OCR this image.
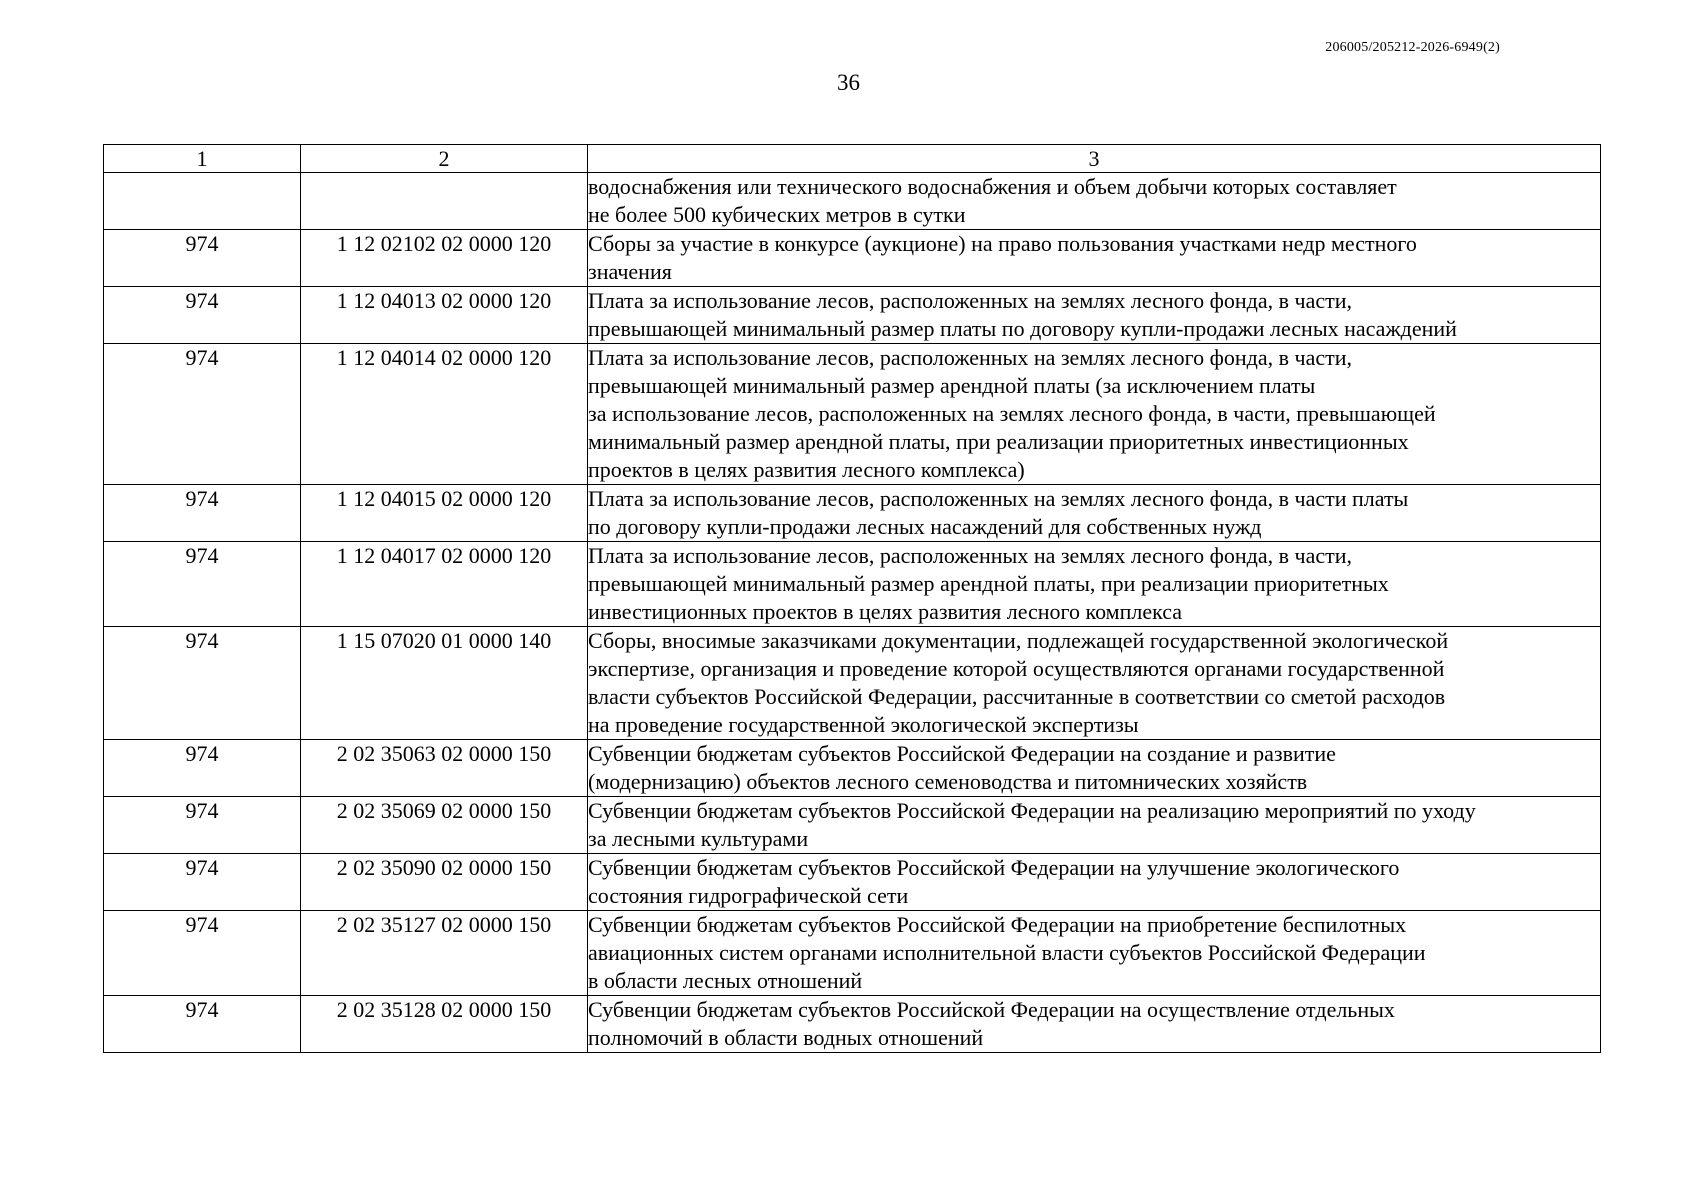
206005/205212-2026-6949(2)
36
1	2	3

		водоснабжения или технического водоснабжения и объем добычи которых составляет
не более 500 кубических метров в сутки

974	1 12 02102 02 0000 120	Сборы за участие в конкурсе (аукционе) на право пользования участками недр местного
значения

974	1 12 04013 02 0000 120	Плата за использование лесов, расположенных на землях лесного фонда, в части,
превышающей минимальный размер платы по договору купли-продажи лесных насаждений

974	1 12 04014 02 0000 120	Плата за использование лесов, расположенных на землях лесного фонда, в части,
превышающей минимальный размер арендной платы (за исключением платы
за использование лесов, расположенных на землях лесного фонда, в части, превышающей
минимальный размер арендной платы, при реализации приоритетных инвестиционных
проектов в целях развития лесного комплекса)

974	1 12 04015 02 0000 120	Плата за использование лесов, расположенных на землях лесного фонда, в части платы
по договору купли-продажи лесных насаждений для собственных нужд

974	1 12 04017 02 0000 120	Плата за использование лесов, расположенных на землях лесного фонда, в части,
превышающей минимальный размер арендной платы, при реализации приоритетных
инвестиционных проектов в целях развития лесного комплекса

974	1 15 07020 01 0000 140	Сборы, вносимые заказчиками документации, подлежащей государственной экологической
экспертизе, организация и проведение которой осуществляются органами государственной
власти субъектов Российской Федерации, рассчитанные в соответствии со сметой расходов
на проведение государственной экологической экспертизы

974	2 02 35063 02 0000 150	Субвенции бюджетам субъектов Российской Федерации на создание и развитие
(модернизацию) объектов лесного семеноводства и питомнических хозяйств

974	2 02 35069 02 0000 150	Субвенции бюджетам субъектов Российской Федерации на реализацию мероприятий по уходу
за лесными культурами

974	2 02 35090 02 0000 150	Субвенции бюджетам субъектов Российской Федерации на улучшение экологического
состояния гидрографической сети

974	2 02 35127 02 0000 150	Субвенции бюджетам субъектов Российской Федерации на приобретение беспилотных
авиационных систем органами исполнительной власти субъектов Российской Федерации
в области лесных отношений

974	2 02 35128 02 0000 150	Субвенции бюджетам субъектов Российской Федерации на осуществление отдельных
полномочий в области водных отношений
